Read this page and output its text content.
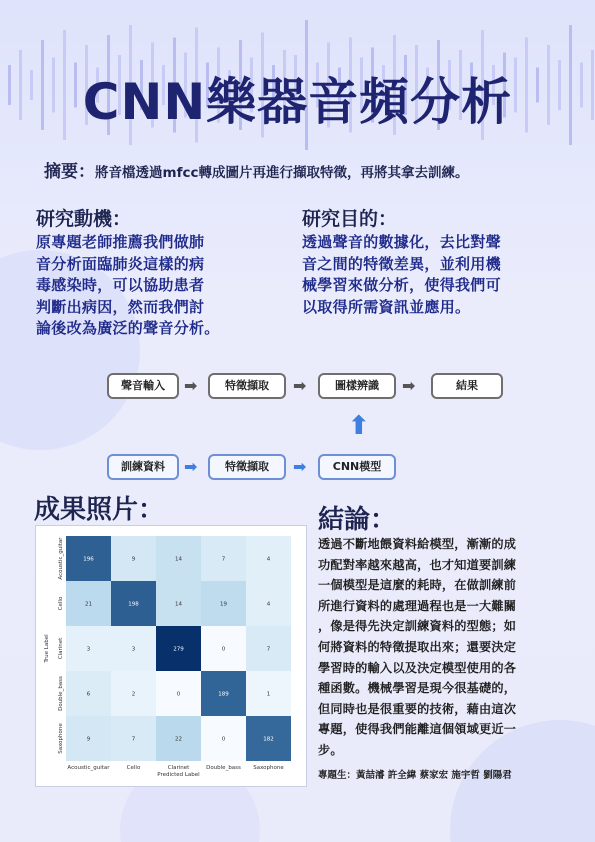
CNN樂器音頻分析
摘要：將音檔透過mfcc轉成圖片再進行擷取特徵，再將其拿去訓練。
研究動機：
原專題老師推薦我們做肺
音分析面臨肺炎這樣的病
毒感染時，可以協助患者
判斷出病因，然而我們討
論後改為廣泛的聲音分析。
研究目的：
透過聲音的數據化，去比對聲
音之間的特徵差異，並利用機
械學習來做分析，使得我們可
以取得所需資訊並應用。
聲音輸入	➡	特徵擷取	➡	圖樣辨識	➡	結果
⬆
訓練資料	➡	特徵擷取	➡	CNN模型
成果照片：
196	9	14	7	4
21	198	14	19	4
3	3	279	0	7
6	2	0	189	1
9	7	22	0	182
Acoustic_guitar
Acoustic_guitar
Cello
Cello
Clarinet
Clarinet
Double_bass
Double_bass
Saxophone
Saxophone
Predicted Label
True Label
結論：
透過不斷地餵資料給模型，漸漸的成
功配對率越來越高，也才知道要訓練
一個模型是這麼的耗時，在做訓練前
所進行資料的處理過程也是一大難關
，像是得先決定訓練資料的型態；如
何將資料的特徵提取出來；還要決定
學習時的輸入以及決定模型使用的各
種函數。機械學習是現今很基礎的，
但同時也是很重要的技術，藉由這次
專題，使得我們能離這個領域更近一
步。
專題生：黃喆濬 許全緯 蔡家宏 施宇哲 劉陽君
